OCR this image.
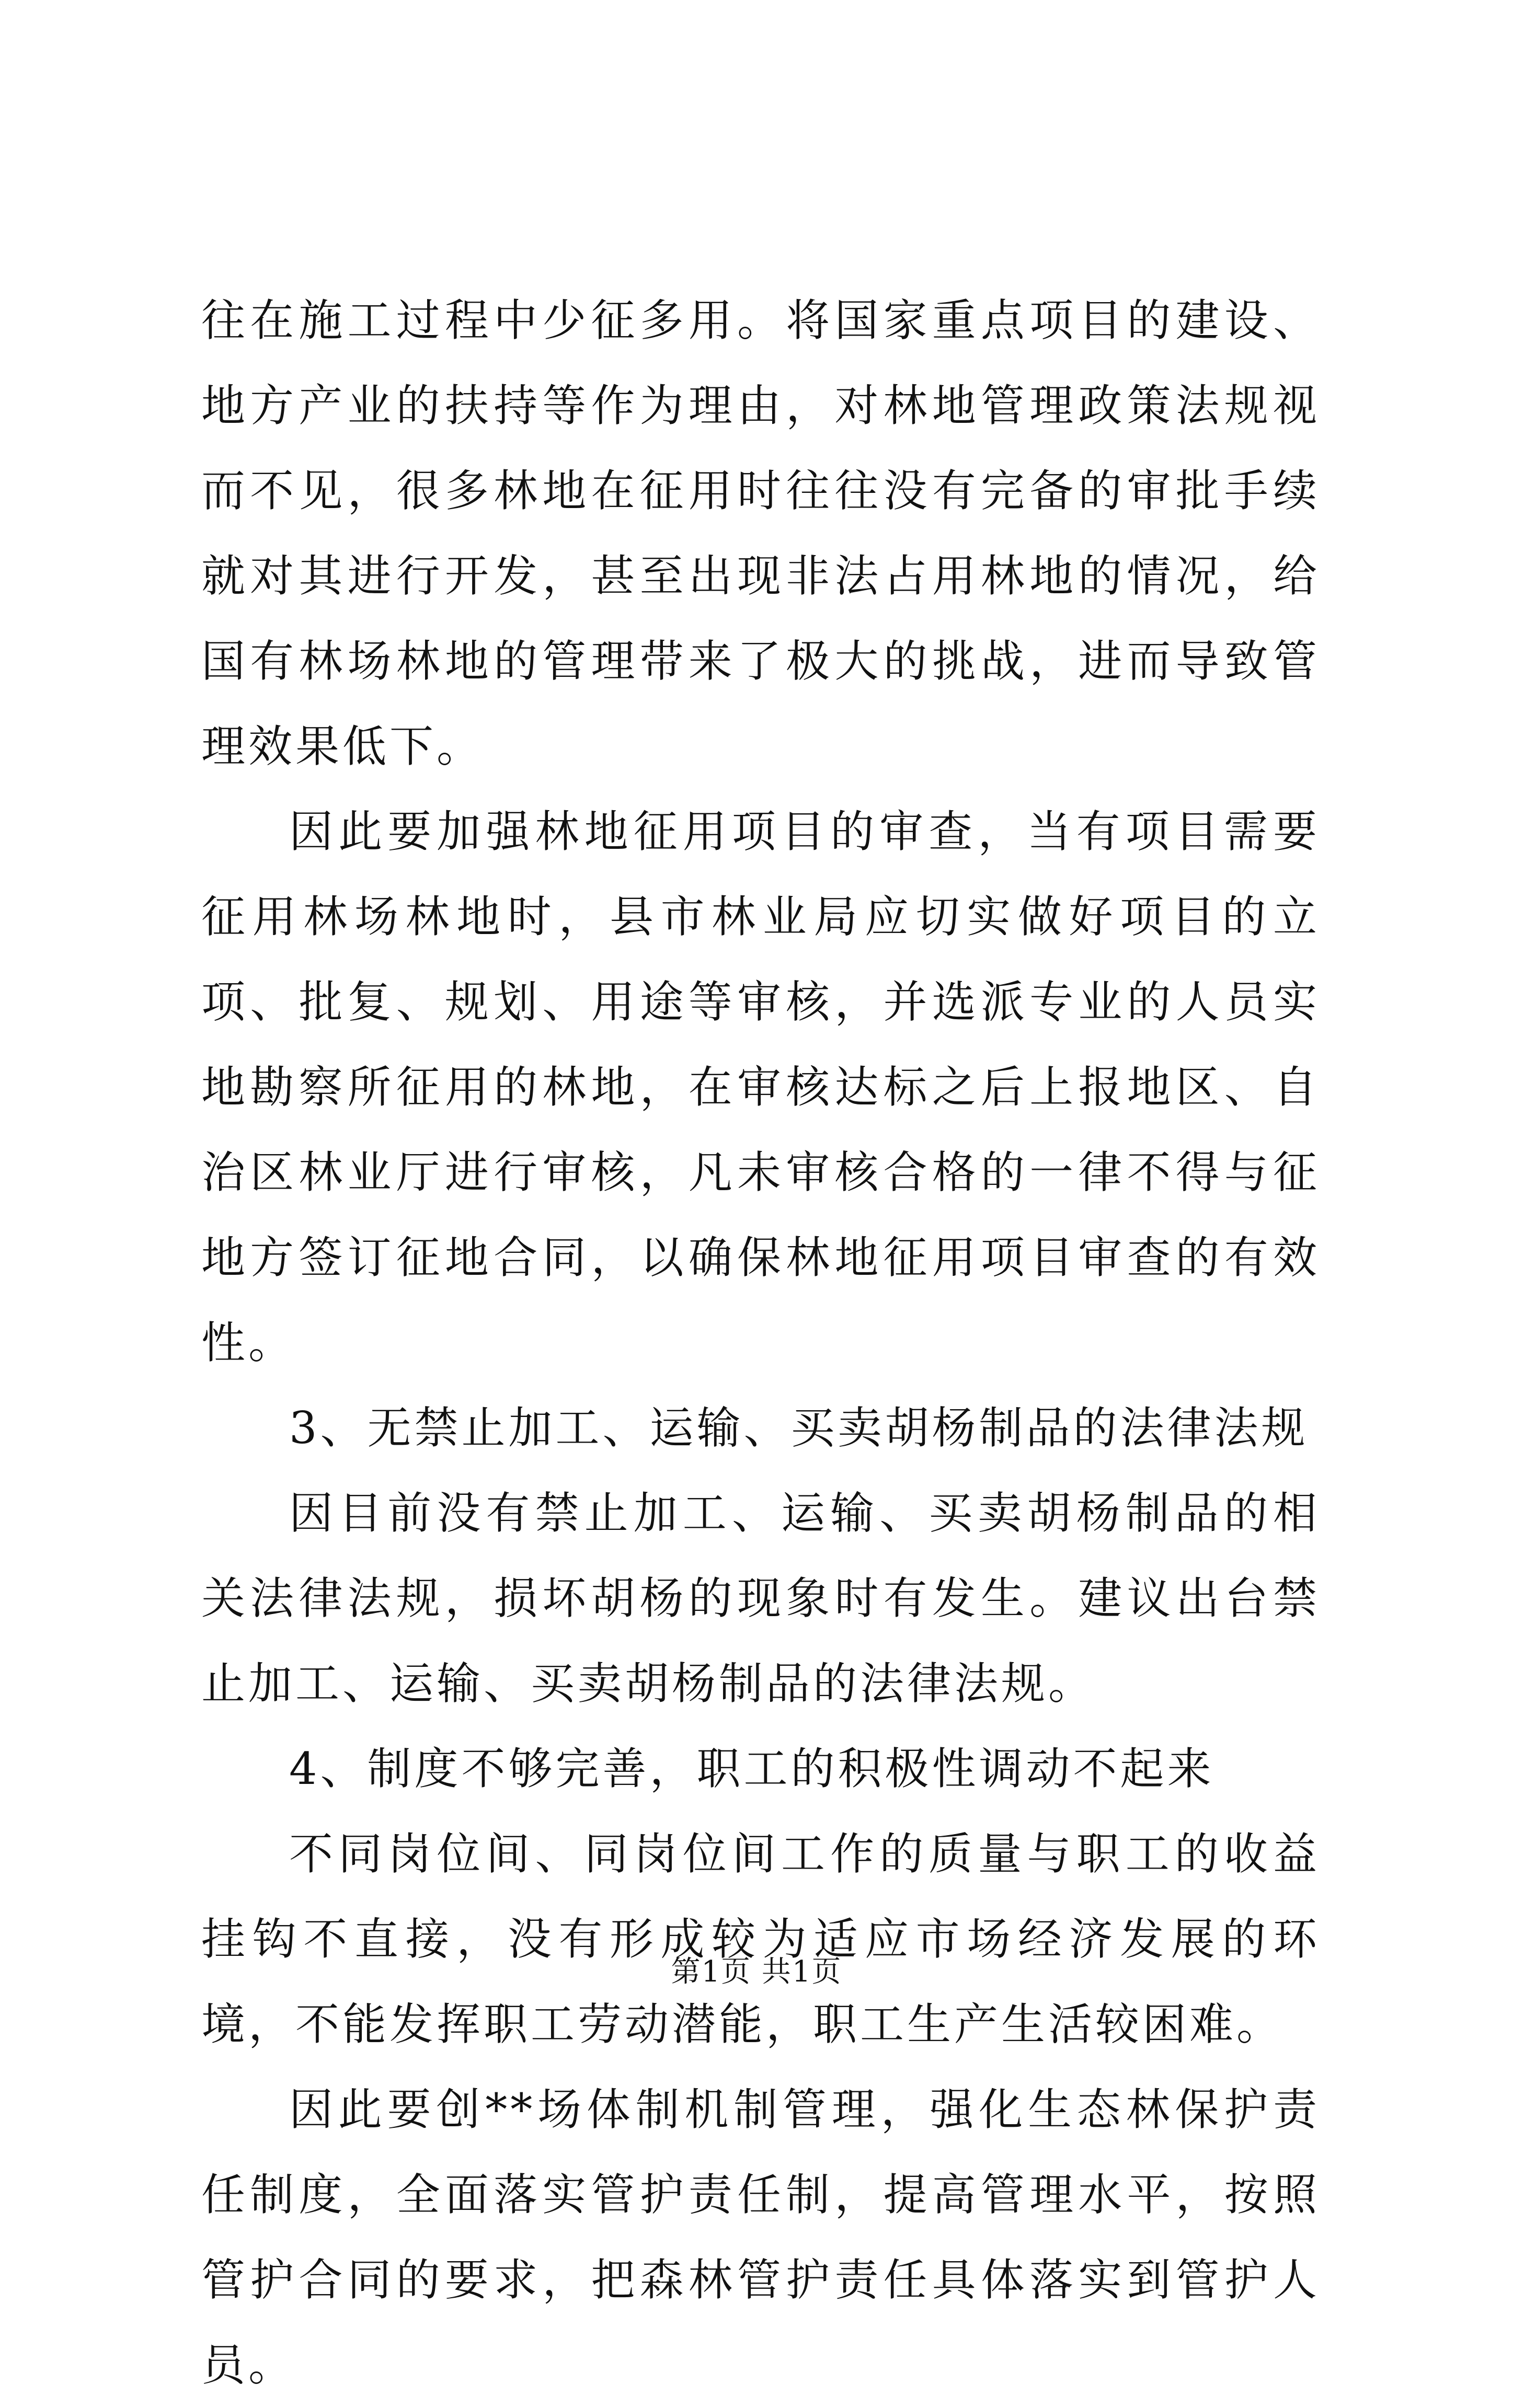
往在施工过程中少征多用。将国家重点项目的建设、地方产业的扶持等作为理由，对林地管理政策法规视而不见，很多林地在征用时往往没有完备的审批手续就对其进行开发，甚至出现非法占用林地的情况，给国有林场林地的管理带来了极大的挑战，进而导致管理效果低下。

因此要加强林地征用项目的审查，当有项目需要征用林场林地时，县市林业局应切实做好项目的立项、批复、规划、用途等审核，并选派专业的人员实地勘察所征用的林地，在审核达标之后上报地区、自治区林业厅进行审核，凡未审核合格的一律不得与征地方签订征地合同，以确保林地征用项目审查的有效性。

3、无禁止加工、运输、买卖胡杨制品的法律法规

因目前没有禁止加工、运输、买卖胡杨制品的相关法律法规，损坏胡杨的现象时有发生。建议出台禁止加工、运输、买卖胡杨制品的法律法规。

4、制度不够完善，职工的积极性调动不起来

不同岗位间、同岗位间工作的质量与职工的收益挂钩不直接，没有形成较为适应市场经济发展的环境，不能发挥职工劳动潜能，职工生产生活较困难。

因此要创**场体制机制管理，强化生态林保护责任制度，全面落实管护责任制，提高管理水平，按照管护合同的要求，把森林管护责任具体落实到管护人员。

第1页 共1页
